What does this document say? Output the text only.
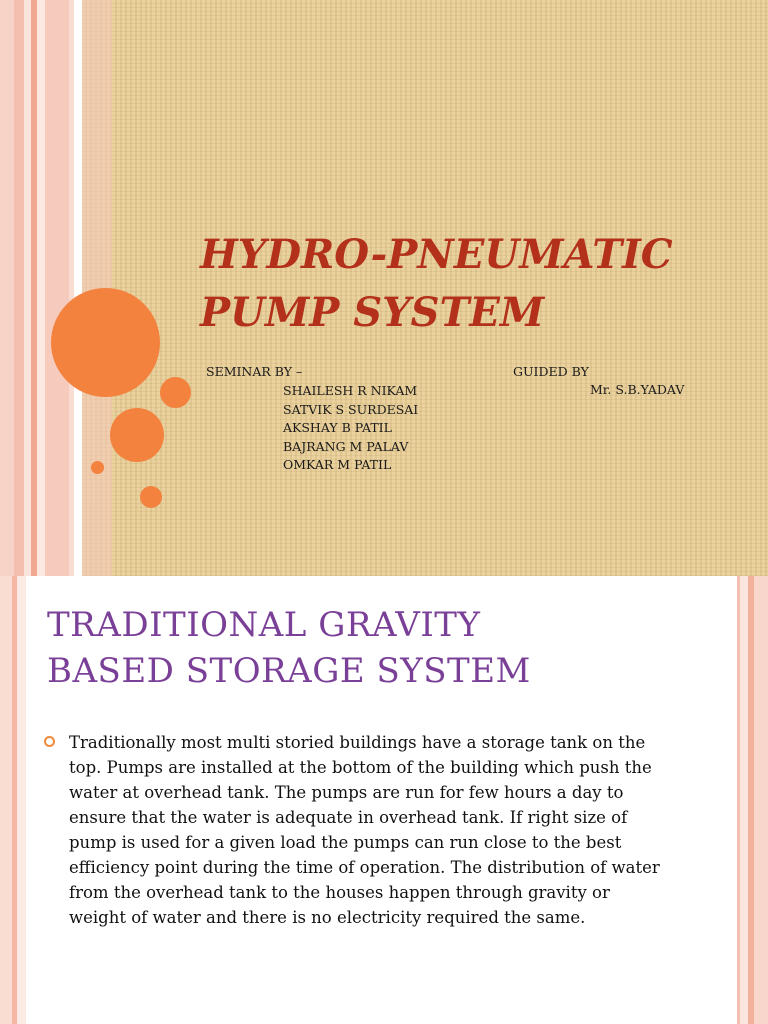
HYDRO-PNEUMATIC
PUMP SYSTEM
SEMINAR BY –	GUIDED BY
Mr. S.B.YADAV
SHAILESH R NIKAM
SATVIK S SURDESAI
AKSHAY B PATIL
BAJRANG M PALAV
OMKAR M PATIL
TRADITIONAL GRAVITY
BASED STORAGE SYSTEM
Traditionally most multi storied buildings have a storage tank on the top. Pumps are installed at the bottom of the building which push the water at overhead tank. The pumps are run for few hours a day to ensure that the water is adequate in overhead tank. If right size of pump is used for a given load the pumps can run close to the best efficiency point during the time of operation. The distribution of water from the overhead tank to the houses happen through gravity or weight of water and there is no electricity required the same.
